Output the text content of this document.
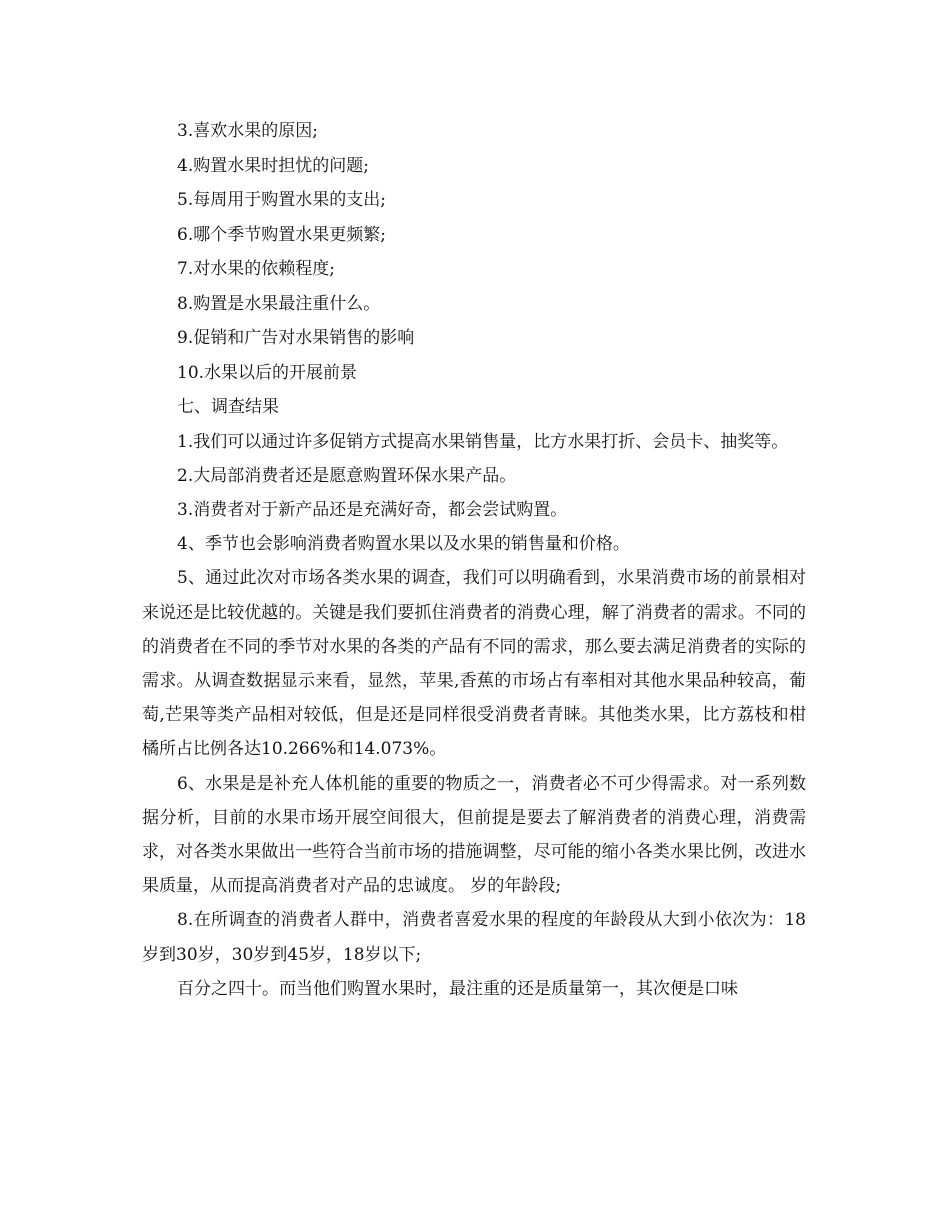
3.喜欢水果的原因;
4.购置水果时担忧的问题;
5.每周用于购置水果的支出;
6.哪个季节购置水果更频繁;
7.对水果的依赖程度;
8.购置是水果最注重什么。
9.促销和广告对水果销售的影响
10.水果以后的开展前景
七、调查结果

1.我们可以通过许多促销方式提高水果销售量，比方水果打折、会员卡、抽奖等。

2.大局部消费者还是愿意购置环保水果产品。

3.消费者对于新产品还是充满好奇，都会尝试购置。

4、季节也会影响消费者购置水果以及水果的销售量和价格。

5、通过此次对市场各类水果的调查，我们可以明确看到，水果消费市场的前景相对来说还是比较优越的。关键是我们要抓住消费者的消费心理，解了消费者的需求。不同的的消费者在不同的季节对水果的各类的产品有不同的需求，那么要去满足消费者的实际的需求。从调查数据显示来看，显然，苹果,香蕉的市场占有率相对其他水果品种较高，葡萄,芒果等类产品相对较低，但是还是同样很受消费者青睐。其他类水果，比方荔枝和柑橘所占比例各达10.266%和14.073%。

6、水果是是补充人体机能的重要的物质之一，消费者必不可少得需求。对一系列数据分析，目前的水果市场开展空间很大，但前提是要去了解消费者的消费心理，消费需求，对各类水果做出一些符合当前市场的措施调整，尽可能的缩小各类水果比例，改进水果质量，从而提高消费者对产品的忠诚度。 岁的年龄段;

8.在所调查的消费者人群中，消费者喜爱水果的程度的年龄段从大到小依次为：18岁到30岁，30岁到45岁，18岁以下;

百分之四十。而当他们购置水果时，最注重的还是质量第一，其次便是口味
